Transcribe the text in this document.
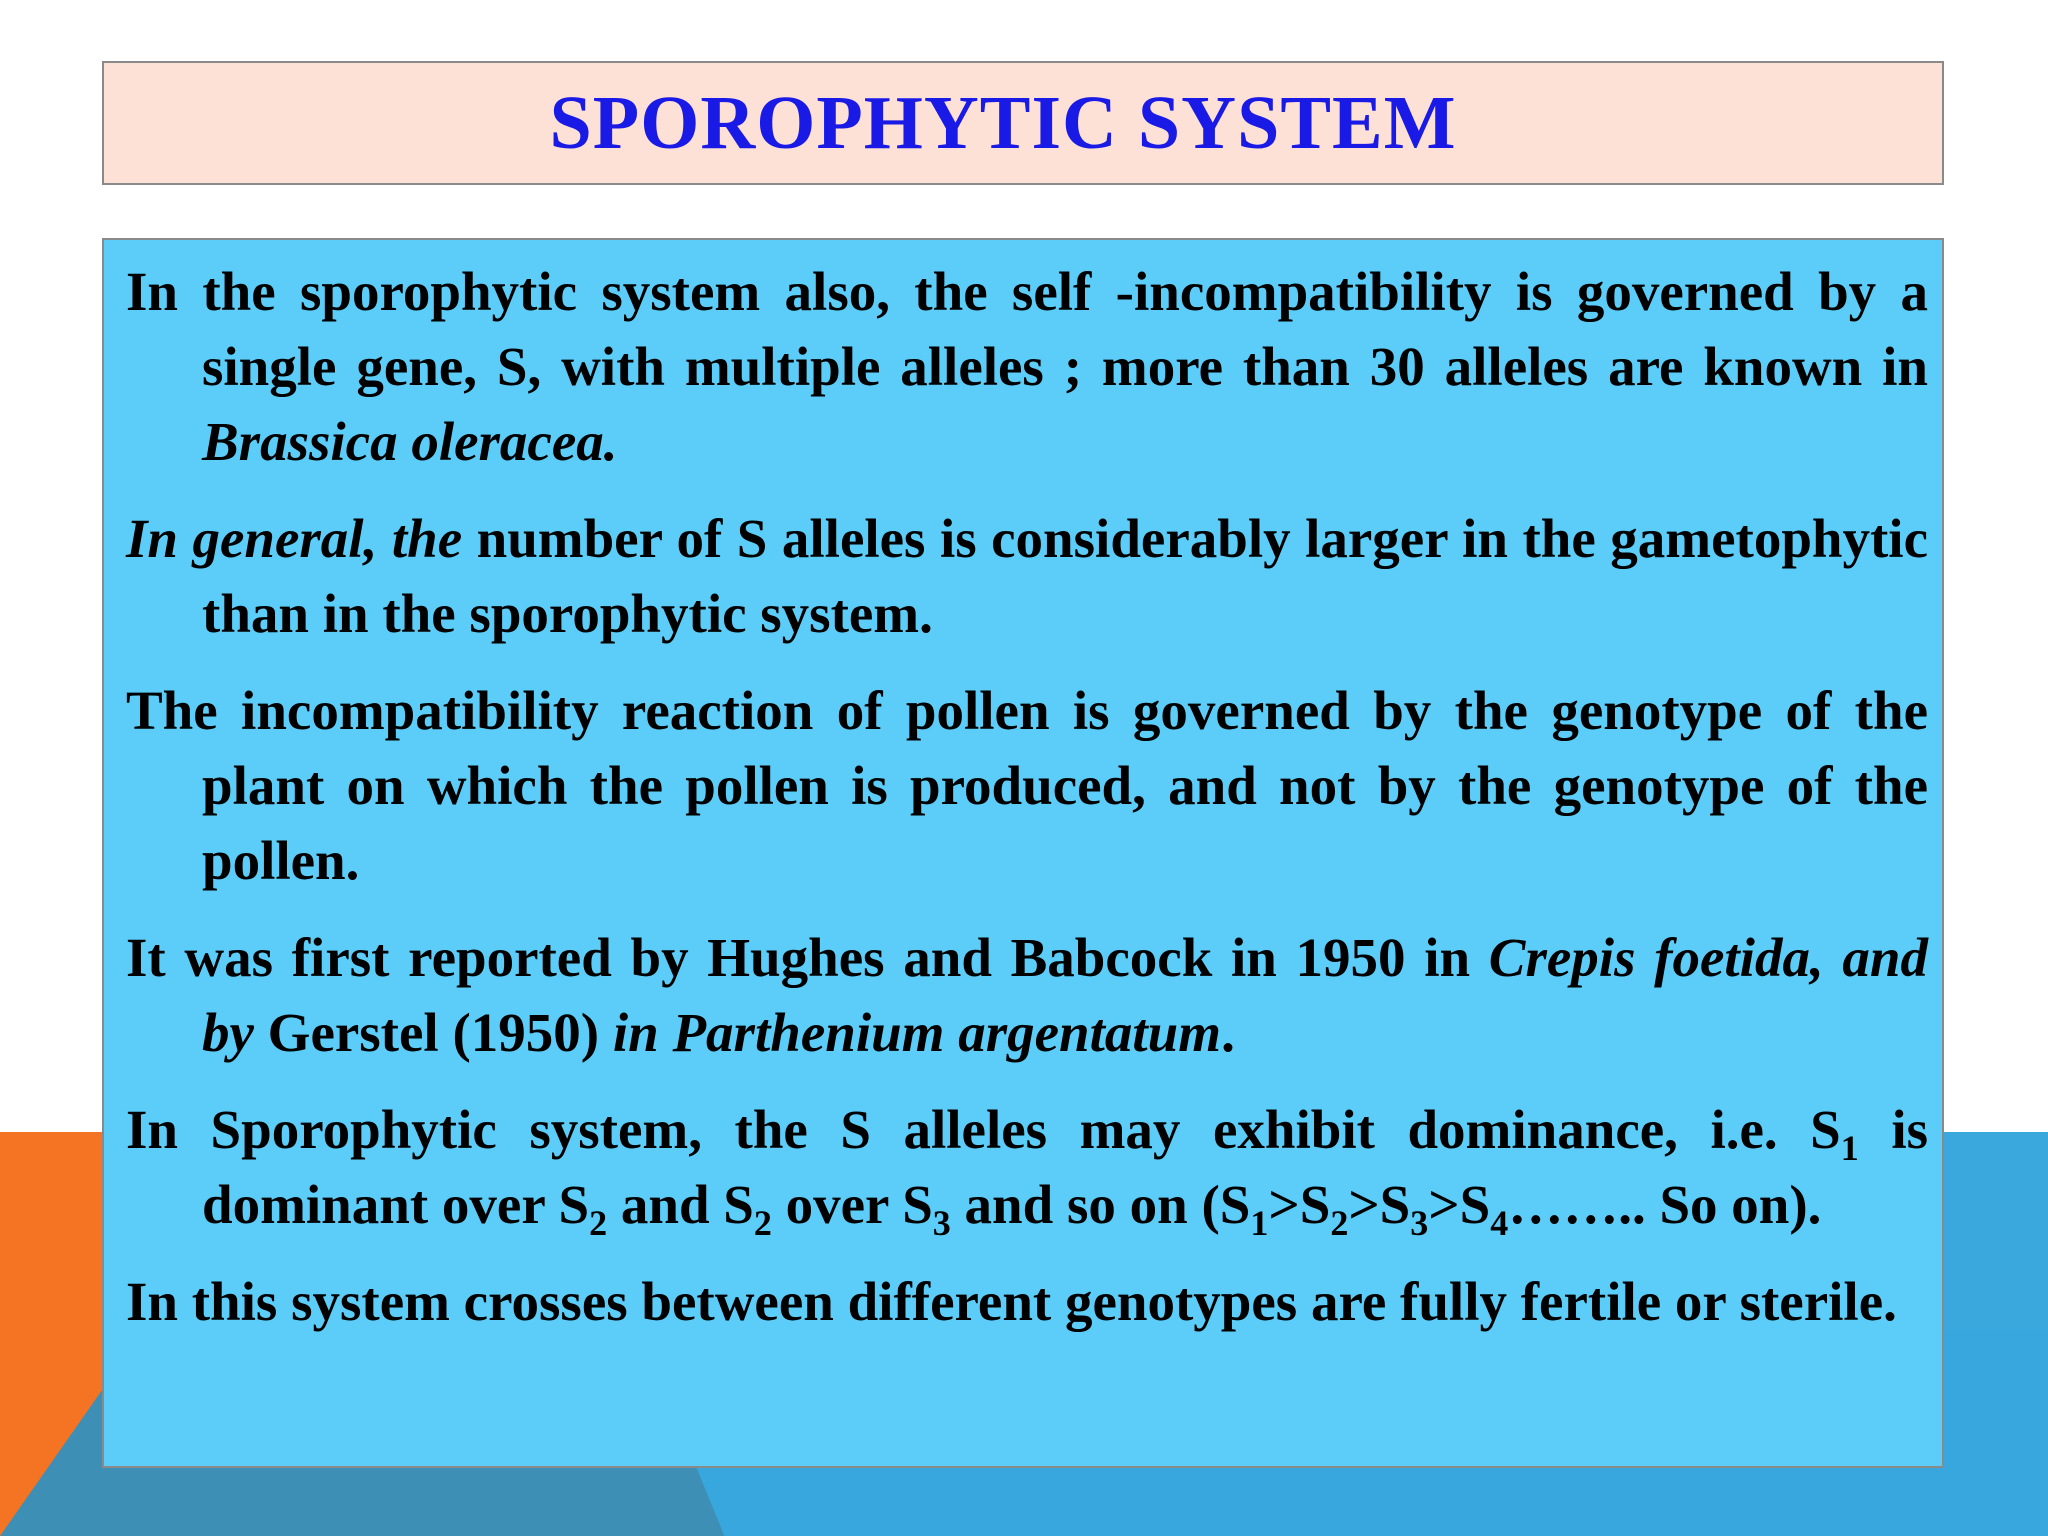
SPOROPHYTIC SYSTEM

In the sporophytic system also, the self -incompatibility is governed by a single gene, S, with multiple alleles ; more than 30 alleles are known in Brassica oleracea.

In general, the number of S alleles is considerably larger in the gametophytic than in the sporophytic system.

The incompatibility reaction of pollen is governed by the genotype of the plant on which the pollen is produced, and not by the genotype of the pollen.

It was first reported by Hughes and Babcock in 1950 in Crepis foetida, and by Gerstel (1950) in Parthenium argentatum.

In Sporophytic system, the S alleles may exhibit dominance, i.e. $S_1$ is dominant over $S_2$ and $S_2$ over $S_3$ and so on ($S_1>S_2>S_3>S_4\dots\dots$.. So on).

In this system crosses between different genotypes are fully fertile or sterile.
